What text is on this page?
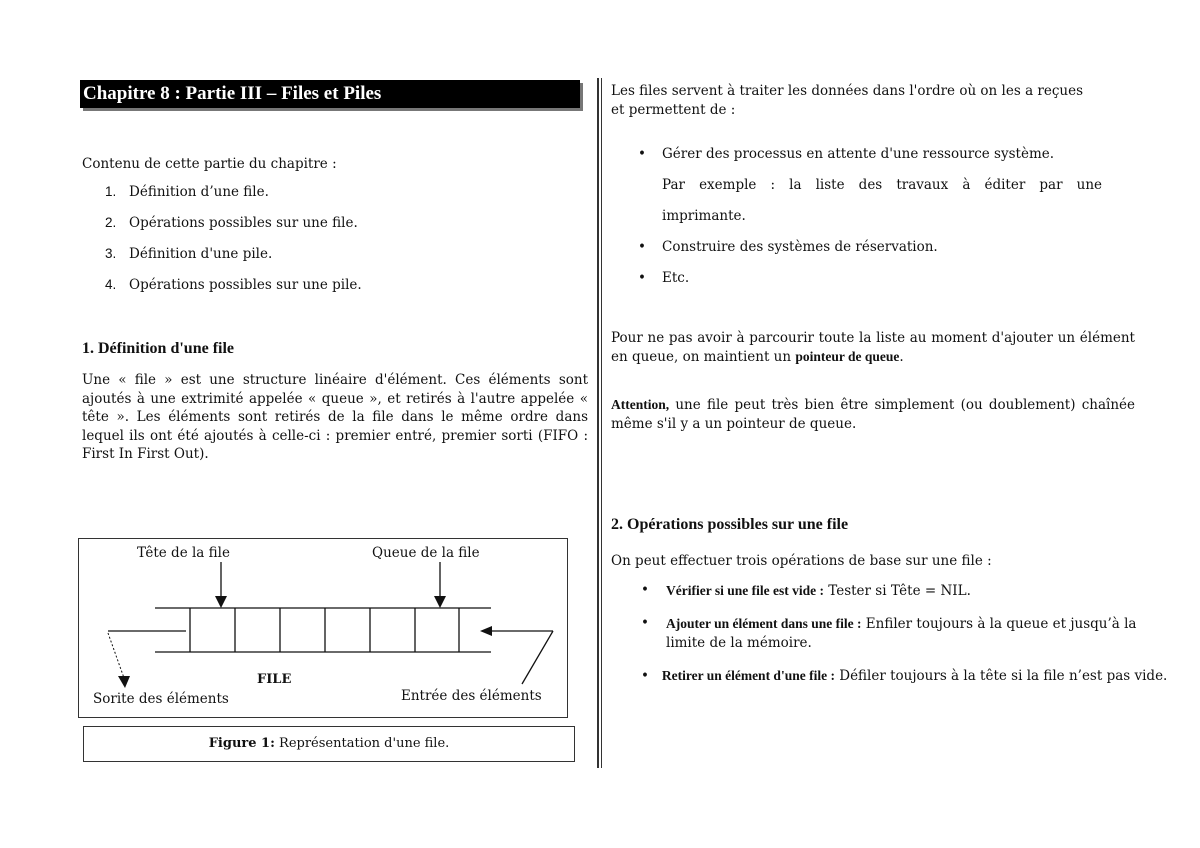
Chapitre 8 : Partie III – Files et Piles
Contenu de cette partie du chapitre :
1. Définition d’une file.
2. Opérations possibles sur une file.
3. Définition d'une pile.
4. Opérations possibles sur une pile.
1. Définition d'une file
Une « file » est une structure linéaire d'élément. Ces éléments sont ajoutés à une extrimité appelée « queue », et retirés à l'autre appelée « tête ». Les éléments sont retirés de la file dans le même ordre dans lequel ils ont été ajoutés à celle-ci : premier entré, premier sorti (FIFO : First In First Out).
Tête de la file	Queue de la file
FILE
Sorite des éléments	Entrée des éléments
Figure 1: Représentation d'une file.
Les files servent à traiter les données dans l'ordre où on les a reçues
et permettent de :
• Gérer des processus en attente d'une ressource système.
Par exemple : la liste des travaux à éditer par une
imprimante.
• Construire des systèmes de réservation.
• Etc.
Pour ne pas avoir à parcourir toute la liste au moment d'ajouter un élément en queue, on maintient un pointeur de queue.
Attention, une file peut très bien être simplement (ou doublement) chaînée même s'il y a un pointeur de queue.
2. Opérations possibles sur une file
On peut effectuer trois opérations de base sur une file :
• Vérifier si une file est vide : Tester si Tête = NIL.
• Ajouter un élément dans une file : Enfiler toujours à la queue et jusqu’à la limite de la mémoire.
•   Retirer un élément d'une file : Défiler toujours à la tête si la file n’est pas vide.
